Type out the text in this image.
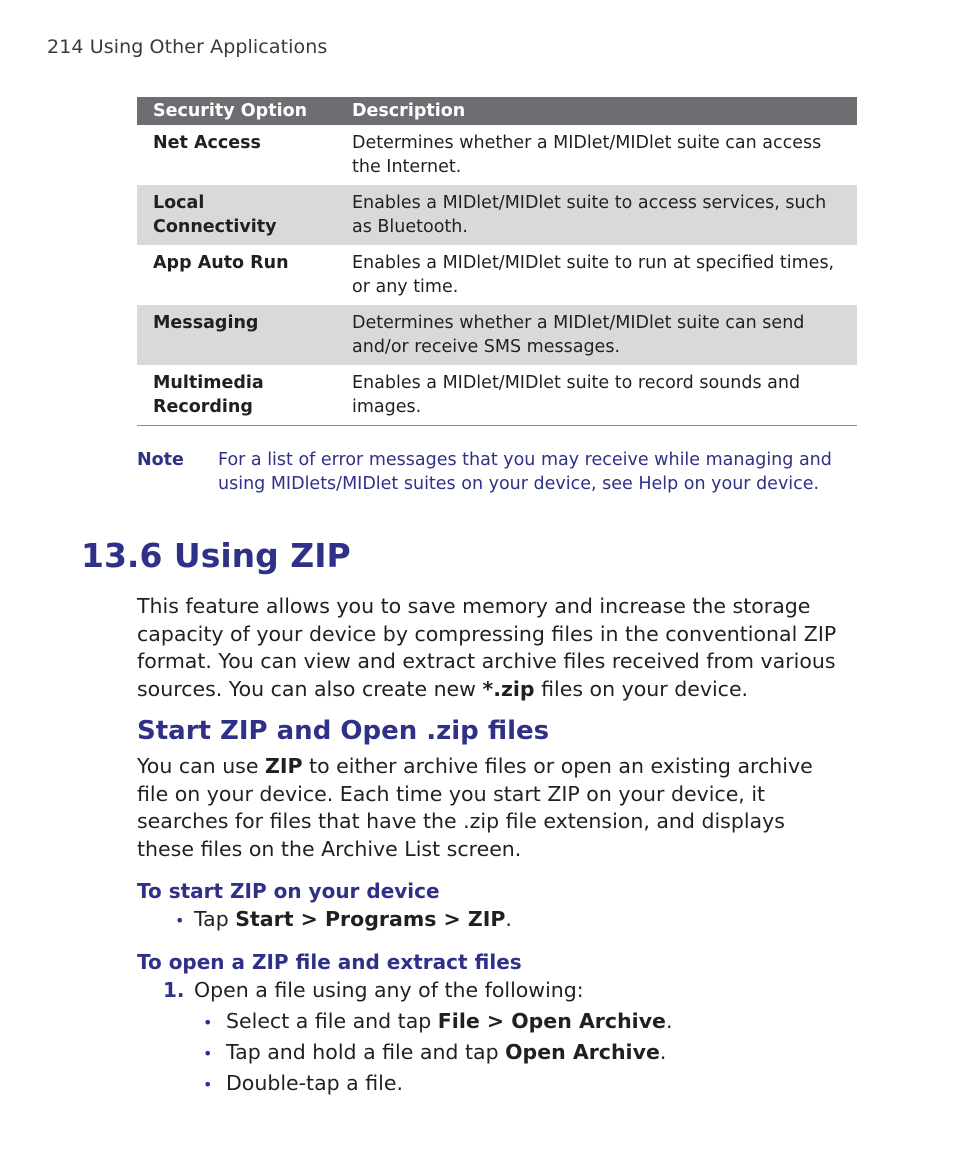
214 Using Other Applications
Security Option	Description
Net Access	Determines whether a MIDlet/MIDlet suite can access the Internet.
Local Connectivity	Enables a MIDlet/MIDlet suite to access services, such as Bluetooth.
App Auto Run	Enables a MIDlet/MIDlet suite to run at specified times, or any time.
Messaging	Determines whether a MIDlet/MIDlet suite can send and/or receive SMS messages.
Multimedia Recording	Enables a MIDlet/MIDlet suite to record sounds and images.
Note For a list of error messages that you may receive while managing and using MIDlets/MIDlet suites on your device, see Help on your device.
13.6 Using ZIP

This feature allows you to save memory and increase the storage capacity of your device by compressing files in the conventional ZIP format. You can view and extract archive files received from various sources. You can also create new *.zip files on your device.

Start ZIP and Open .zip files

You can use ZIP to either archive files or open an existing archive file on your device. Each time you start ZIP on your device, it searches for files that have the .zip file extension, and displays these files on the Archive List screen.

To start ZIP on your device
• Tap Start > Programs > ZIP.
To open a ZIP file and extract files
1. Open a file using any of the following:
• Select a file and tap File > Open Archive.
• Tap and hold a file and tap Open Archive.
• Double-tap a file.
